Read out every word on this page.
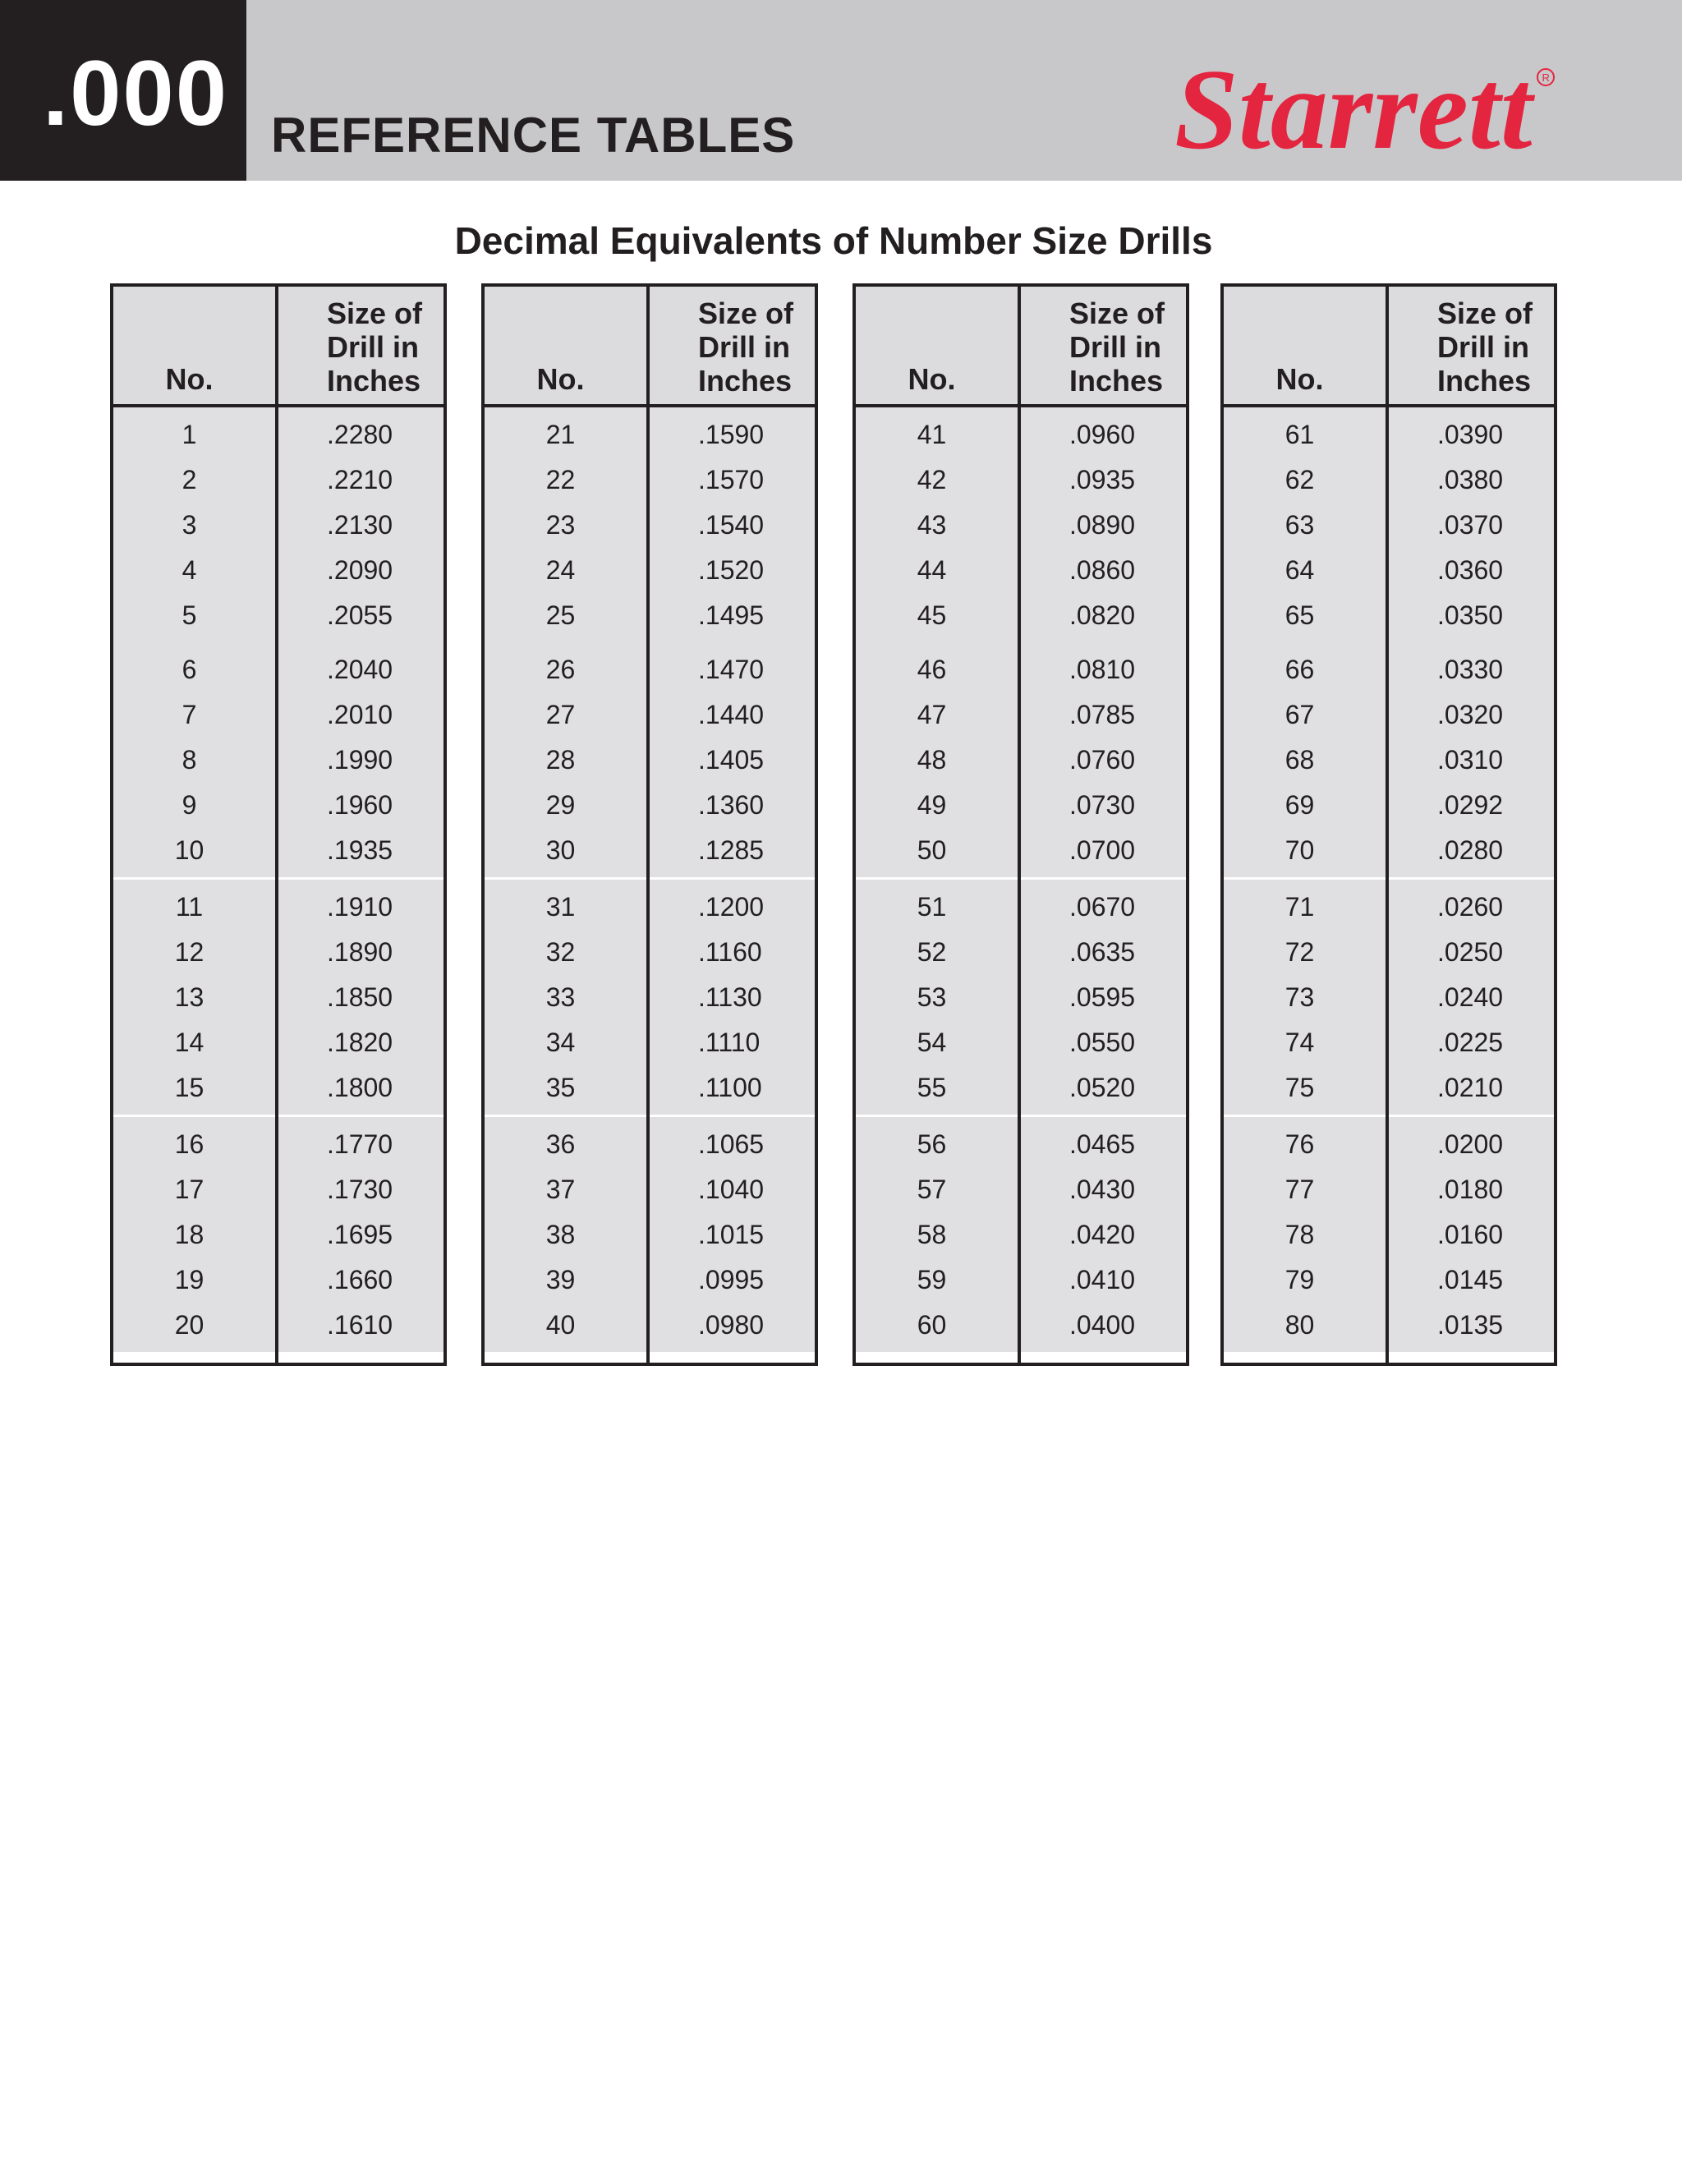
.000 REFERENCE TABLES	Starrett R
Decimal Equivalents of Number Size Drills
No.
Size of
Drill in
Inches
1	.2280
2	.2210
3	.2130
4	.2090
5	.2055
6	.2040
7	.2010
8	.1990
9	.1960
10	.1935
11	.1910
12	.1890
13	.1850
14	.1820
15	.1800
16	.1770
17	.1730
18	.1695
19	.1660
20	.1610
No.
Size of
Drill in
Inches
21	.1590
22	.1570
23	.1540
24	.1520
25	.1495
26	.1470
27	.1440
28	.1405
29	.1360
30	.1285
31	.1200
32	.1160
33	.1130
34	.1110
35	.1100
36	.1065
37	.1040
38	.1015
39	.0995
40	.0980
No.
Size of
Drill in
Inches
41	.0960
42	.0935
43	.0890
44	.0860
45	.0820
46	.0810
47	.0785
48	.0760
49	.0730
50	.0700
51	.0670
52	.0635
53	.0595
54	.0550
55	.0520
56	.0465
57	.0430
58	.0420
59	.0410
60	.0400
No.
Size of
Drill in
Inches
61	.0390
62	.0380
63	.0370
64	.0360
65	.0350
66	.0330
67	.0320
68	.0310
69	.0292
70	.0280
71	.0260
72	.0250
73	.0240
74	.0225
75	.0210
76	.0200
77	.0180
78	.0160
79	.0145
80	.0135
